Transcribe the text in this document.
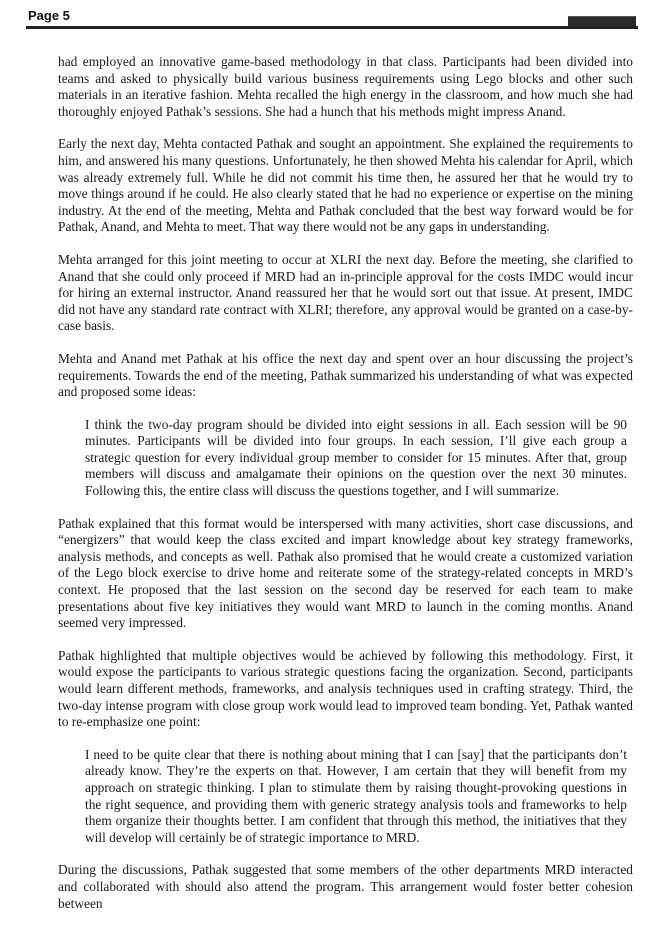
Page 5

had employed an innovative game-based methodology in that class. Participants had been divided into teams and asked to physically build various business requirements using Lego blocks and other such materials in an iterative fashion. Mehta recalled the high energy in the classroom, and how much she had thoroughly enjoyed Pathak’s sessions. She had a hunch that his methods might impress Anand.

Early the next day, Mehta contacted Pathak and sought an appointment. She explained the requirements to him, and answered his many questions. Unfortunately, he then showed Mehta his calendar for April, which was already extremely full. While he did not commit his time then, he assured her that he would try to move things around if he could. He also clearly stated that he had no experience or expertise on the mining industry. At the end of the meeting, Mehta and Pathak concluded that the best way forward would be for Pathak, Anand, and Mehta to meet. That way there would not be any gaps in understanding.

Mehta arranged for this joint meeting to occur at XLRI the next day. Before the meeting, she clarified to Anand that she could only proceed if MRD had an in-principle approval for the costs IMDC would incur for hiring an external instructor. Anand reassured her that he would sort out that issue. At present, IMDC did not have any standard rate contract with XLRI; therefore, any approval would be granted on a case-by-case basis.

Mehta and Anand met Pathak at his office the next day and spent over an hour discussing the project’s requirements. Towards the end of the meeting, Pathak summarized his understanding of what was expected and proposed some ideas:

I think the two-day program should be divided into eight sessions in all. Each session will be 90 minutes. Participants will be divided into four groups. In each session, I’ll give each group a strategic question for every individual group member to consider for 15 minutes. After that, group members will discuss and amalgamate their opinions on the question over the next 30 minutes. Following this, the entire class will discuss the questions together, and I will summarize.

Pathak explained that this format would be interspersed with many activities, short case discussions, and “energizers” that would keep the class excited and impart knowledge about key strategy frameworks, analysis methods, and concepts as well. Pathak also promised that he would create a customized variation of the Lego block exercise to drive home and reiterate some of the strategy-related concepts in MRD’s context. He proposed that the last session on the second day be reserved for each team to make presentations about five key initiatives they would want MRD to launch in the coming months. Anand seemed very impressed.

Pathak highlighted that multiple objectives would be achieved by following this methodology. First, it would expose the participants to various strategic questions facing the organization. Second, participants would learn different methods, frameworks, and analysis techniques used in crafting strategy. Third, the two-day intense program with close group work would lead to improved team bonding. Yet, Pathak wanted to re-emphasize one point:

I need to be quite clear that there is nothing about mining that I can [say] that the participants don’t already know. They’re the experts on that. However, I am certain that they will benefit from my approach on strategic thinking. I plan to stimulate them by raising thought-provoking questions in the right sequence, and providing them with generic strategy analysis tools and frameworks to help them organize their thoughts better. I am confident that through this method, the initiatives that they will develop will certainly be of strategic importance to MRD.

During the discussions, Pathak suggested that some members of the other departments MRD interacted and collaborated with should also attend the program. This arrangement would foster better cohesion between
